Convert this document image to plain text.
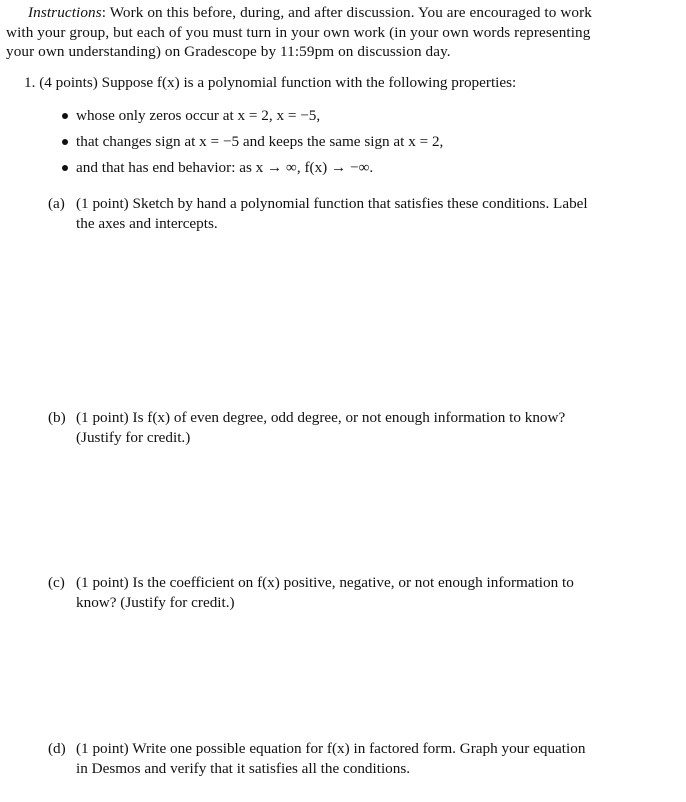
Instructions: Work on this before, during, and after discussion. You are encouraged to work
with your group, but each of you must turn in your own work (in your own words representing
your own understanding) on Gradescope by 11:59pm on discussion day.
1. (4 points) Suppose f(x) is a polynomial function with the following properties:
whose only zeros occur at x = 2, x = −5,
that changes sign at x = −5 and keeps the same sign at x = 2,
and that has end behavior: as x → ∞, f(x) → −∞.
(a) (1 point) Sketch by hand a polynomial function that satisfies these conditions. Label
the axes and intercepts.
(b) (1 point) Is f(x) of even degree, odd degree, or not enough information to know?
(Justify for credit.)
(c) (1 point) Is the coefficient on f(x) positive, negative, or not enough information to
know? (Justify for credit.)
(d) (1 point) Write one possible equation for f(x) in factored form. Graph your equation
in Desmos and verify that it satisfies all the conditions.
